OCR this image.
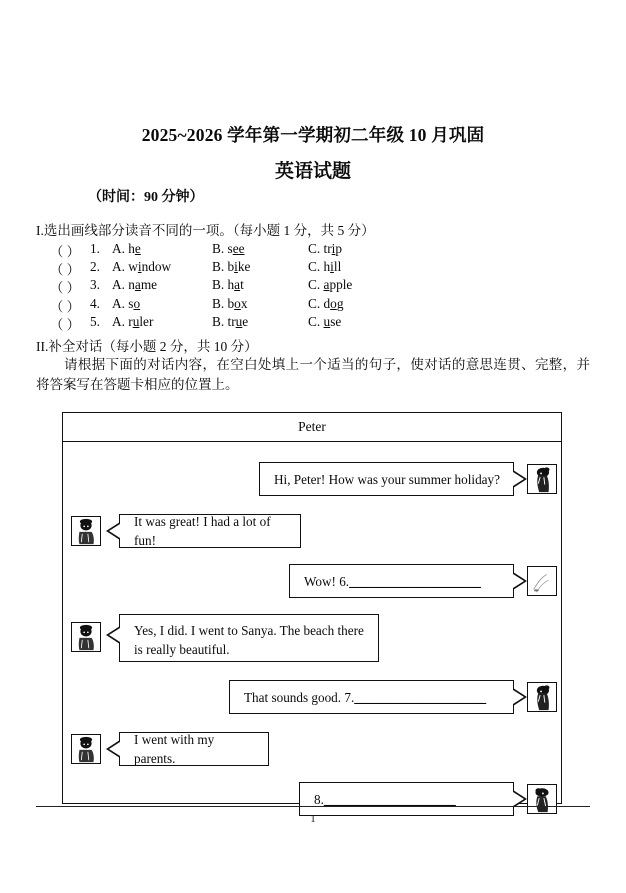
2025~2026 学年第一学期初二年级 10 月巩固
英语试题
（时间：90 分钟）
I.选出画线部分读音不同的一项。（每小题 1 分，共 5 分）
（ ） 1. A. he	B. see	C. trip
（ ） 2. A. window	B. bike	C. hill
（ ） 3. A. name	B. hat	C. apple
（ ） 4. A. so	B. box	C. dog
（ ） 5. A. ruler	B. true	C. use
II.补全对话（每小题 2 分，共 10 分）
请根据下面的对话内容，在空白处填上一个适当的句子，使对话的意思连贯、完整，并将答案写在答题卡相应的位置上。
Peter
Hi, Peter! How was your summer holiday?
It was great! I had a lot of fun!
Wow! 6.____________________
Yes, I did. I went to Sanya. The beach there is really beautiful.
That sounds good. 7.____________________
I went with my parents.
8.____________________
1
